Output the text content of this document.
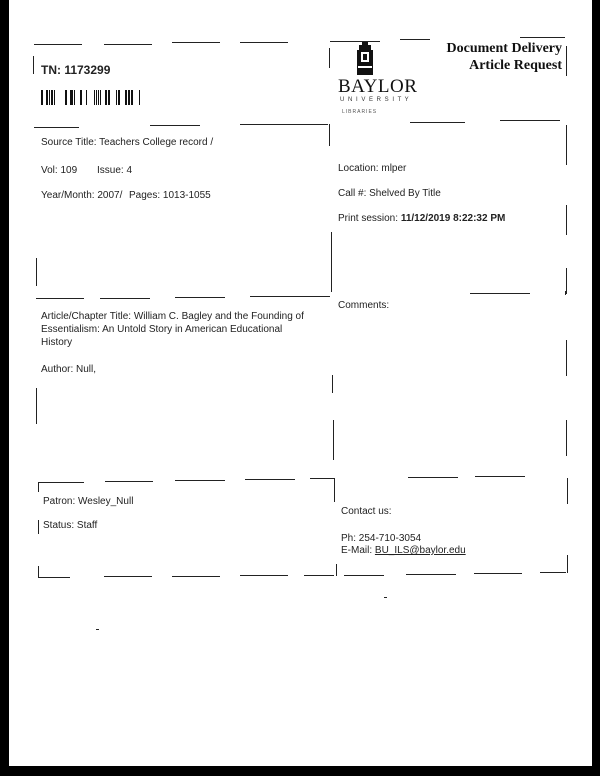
TN: 1173299
BAYLOR
U N I V E R S I T Y
LIBRARIES
Document Delivery
Article Request
Source Title: Teachers College record /
Vol: 109 Issue: 4
Year/Month: 2007/ Pages: 1013-1055
Location: mlper
Call #: Shelved By Title
Print session: 11/12/2019 8:22:32 PM
Article/Chapter Title: William C. Bagley and the Founding of
Essentialism: An Untold Story in American Educational
History
Author: Null,
Comments:
Patron: Wesley_Null
Status: Staff
Contact us:
Ph: 254-710-3054
E-Mail: BU_ILS@baylor.edu
